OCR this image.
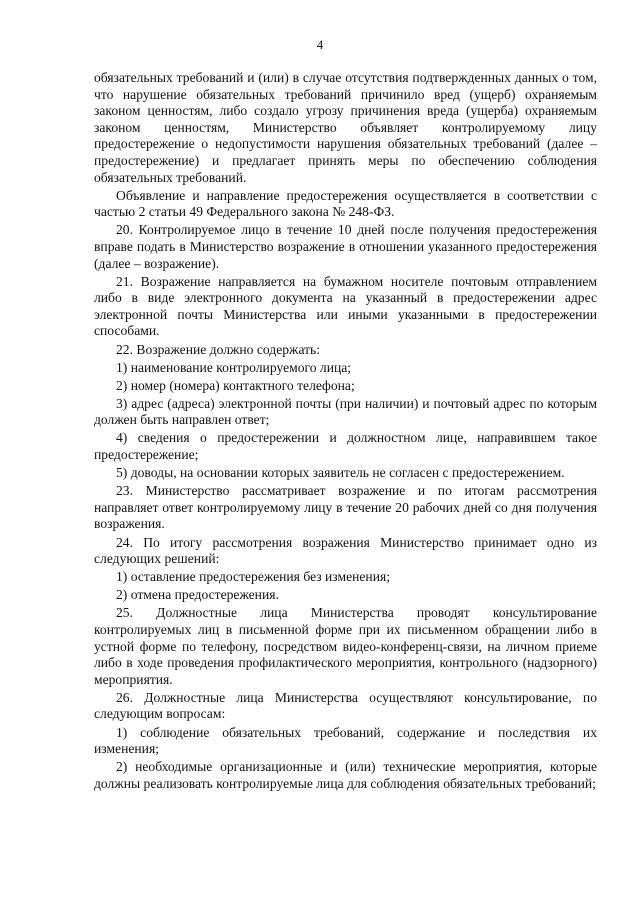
4

обязательных требований и (или) в случае отсутствия подтвержденных данных о том, что нарушение обязательных требований причинило вред (ущерб) охраняемым законом ценностям, либо создало угрозу причинения вреда (ущерба) охраняемым законом ценностям, Министерство объявляет контролируемому лицу предостережение о недопустимости нарушения обязательных требований (далее – предостережение) и предлагает принять меры по обеспечению соблюдения обязательных требований.

Объявление и направление предостережения осуществляется в соответствии с частью 2 статьи 49 Федерального закона № 248-ФЗ.

20. Контролируемое лицо в течение 10 дней после получения предостережения вправе подать в Министерство возражение в отношении указанного предостережения (далее – возражение).

21. Возражение направляется на бумажном носителе почтовым отправлением либо в виде электронного документа на указанный в предостережении адрес электронной почты Министерства или иными указанными в предостережении способами.

22. Возражение должно содержать:

1) наименование контролируемого лица;

2) номер (номера) контактного телефона;

3) адрес (адреса) электронной почты (при наличии) и почтовый адрес по которым должен быть направлен ответ;

4) сведения о предостережении и должностном лице, направившем такое предостережение;

5) доводы, на основании которых заявитель не согласен с предостережением.

23. Министерство рассматривает возражение и по итогам рассмотрения направляет ответ контролируемому лицу в течение 20 рабочих дней со дня получения возражения.

24. По итогу рассмотрения возражения Министерство принимает одно из следующих решений:

1) оставление предостережения без изменения;

2) отмена предостережения.

25. Должностные лица Министерства проводят консультирование контролируемых лиц в письменной форме при их письменном обращении либо в устной форме по телефону, посредством видео-конференц-связи, на личном приеме либо в ходе проведения профилактического мероприятия, контрольного (надзорного) мероприятия.

26. Должностные лица Министерства осуществляют консультирование, по следующим вопросам:

1) соблюдение обязательных требований, содержание и последствия их изменения;

2) необходимые организационные и (или) технические мероприятия, которые должны реализовать контролируемые лица для соблюдения обязательных требований;
